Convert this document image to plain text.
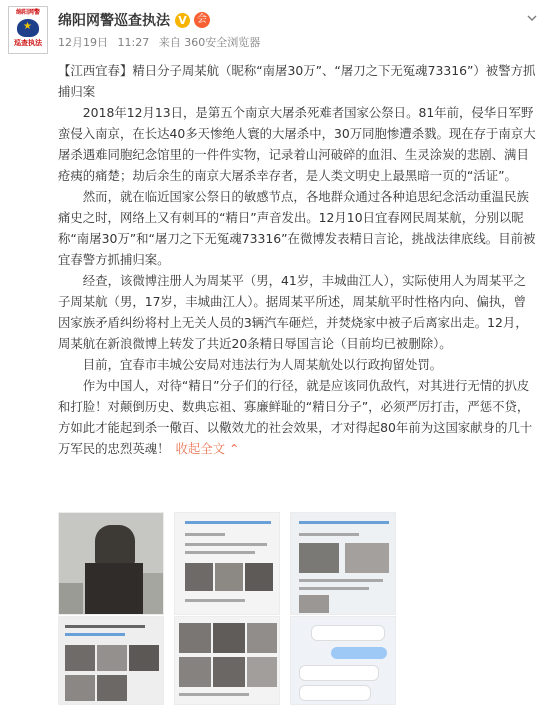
绵阳网警
★
巡查执法
绵阳网警巡查执法 V	会
12月19日 11:27 来自 360安全浏览器

【江西宜春】精日分子周某航（昵称“南屠30万”、“屠刀之下无冤魂73316”）被警方抓捕归案

2018年12月13日，是第五个南京大屠杀死难者国家公祭日。81年前，侵华日军野蛮侵入南京，在长达40多天惨绝人寰的大屠杀中，30万同胞惨遭杀戮。现在存于南京大屠杀遇难同胞纪念馆里的一件件实物，记录着山河破碎的血泪、生灵涂炭的悲剧、满目疮痍的痛楚；劫后余生的南京大屠杀幸存者，是人类文明史上最黑暗一页的“活证”。

然而，就在临近国家公祭日的敏感节点，各地群众通过各种追思纪念活动重温民族痛史之时，网络上又有刺耳的“精日”声音发出。12月10日宜春网民周某航，分别以昵称“南屠30万”和“屠刀之下无冤魂73316”在微博发表精日言论，挑战法律底线。目前被宜春警方抓捕归案。

经查，该微博注册人为周某平（男，41岁，丰城曲江人），实际使用人为周某平之子周某航（男，17岁，丰城曲江人）。据周某平所述，周某航平时性格内向、偏执，曾因家族矛盾纠纷将村上无关人员的3辆汽车砸烂，并焚烧家中被子后离家出走。12月，周某航在新浪微博上转发了共近20条精日辱国言论（目前均已被删除）。

目前，宜春市丰城公安局对违法行为人周某航处以行政拘留处罚。

作为中国人，对待“精日”分子们的行径，就是应该同仇敌忾，对其进行无情的扒皮和打脸！对颠倒历史、数典忘祖、寡廉鲜耻的“精日分子”，必须严厉打击，严惩不贷，方如此才能起到杀一儆百、以儆效尤的社会效果，才对得起80年前为这国家献身的几十万军民的忠烈英魂！ 收起全文 ⌃
